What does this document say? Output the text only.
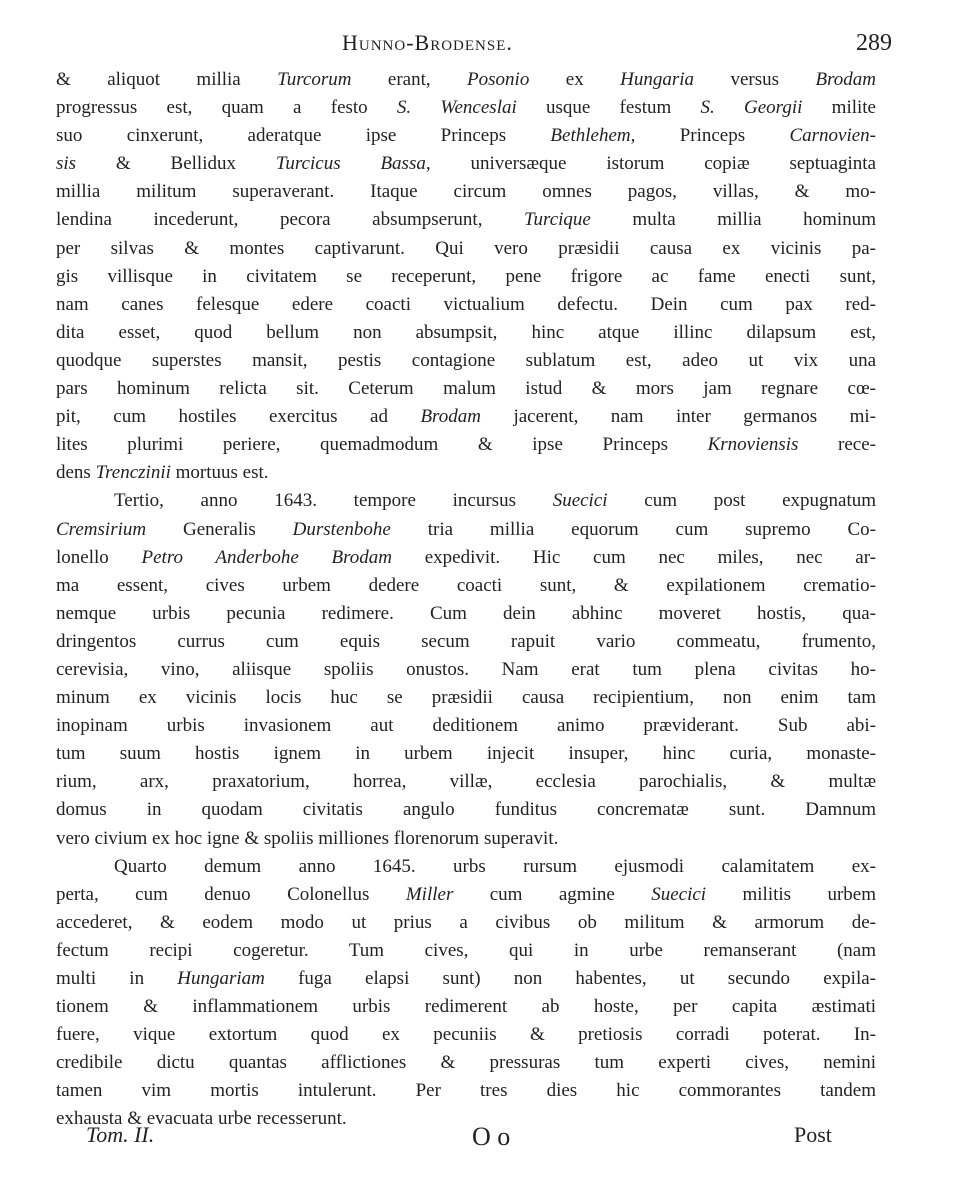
Hunno-Brodense.	289
& aliquot millia Turcorum erant, Posonio ex Hungaria versus Brodam
progressus est, quam a festo S. Wenceslai usque festum S. Georgii milite
suo cinxerunt, aderatque ipse Princeps Bethlehem, Princeps Carnovien-
sis & Bellidux Turcicus Bassa, universæque istorum copiæ septuaginta
millia militum superaverant. Itaque circum omnes pagos, villas, & mo-
lendina incederunt, pecora absumpserunt, Turcique multa millia hominum
per silvas & montes captivarunt. Qui vero præsidii causa ex vicinis pa-
gis villisque in civitatem se receperunt, pene frigore ac fame enecti sunt,
nam canes felesque edere coacti victualium defectu. Dein cum pax red-
dita esset, quod bellum non absumpsit, hinc atque illinc dilapsum est,
quodque superstes mansit, pestis contagione sublatum est, adeo ut vix una
pars hominum relicta sit. Ceterum malum istud & mors jam regnare cœ-
pit, cum hostiles exercitus ad Brodam jacerent, nam inter germanos mi-
lites plurimi periere, quemadmodum & ipse Princeps Krnoviensis rece-
dens Trenczinii mortuus est.
Tertio, anno 1643. tempore incursus Suecici cum post expugnatum
Cremsirium Generalis Durstenbohe tria millia equorum cum supremo Co-
lonello Petro Anderbohe Brodam expedivit. Hic cum nec miles, nec ar-
ma essent, cives urbem dedere coacti sunt, & expilationem crematio-
nemque urbis pecunia redimere. Cum dein abhinc moveret hostis, qua-
dringentos currus cum equis secum rapuit vario commeatu, frumento,
cerevisia, vino, aliisque spoliis onustos. Nam erat tum plena civitas ho-
minum ex vicinis locis huc se præsidii causa recipientium, non enim tam
inopinam urbis invasionem aut deditionem animo præviderant. Sub abi-
tum suum hostis ignem in urbem injecit insuper, hinc curia, monaste-
rium, arx, praxatorium, horrea, villæ, ecclesia parochialis, & multæ
domus in quodam civitatis angulo funditus concrematæ sunt. Damnum
vero civium ex hoc igne & spoliis milliones florenorum superavit.
Quarto demum anno 1645. urbs rursum ejusmodi calamitatem ex-
perta, cum denuo Colonellus Miller cum agmine Suecici militis urbem
accederet, & eodem modo ut prius a civibus ob militum & armorum de-
fectum recipi cogeretur. Tum cives, qui in urbe remanserant (nam
multi in Hungariam fuga elapsi sunt) non habentes, ut secundo expila-
tionem & inflammationem urbis redimerent ab hoste, per capita æstimati
fuere, vique extortum quod ex pecuniis & pretiosis corradi poterat. In-
credibile dictu quantas afflictiones & pressuras tum experti cives, nemini
tamen vim mortis intulerunt. Per tres dies hic commorantes tandem
exhausta & evacuata urbe recesserunt.
Tom. II.	O o	Post
